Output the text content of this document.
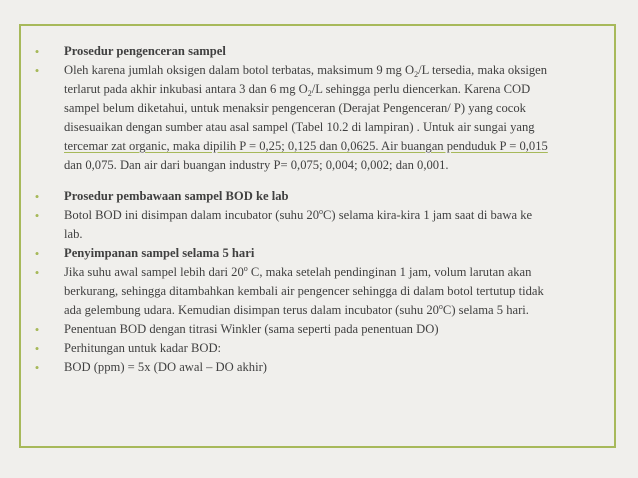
•	Prosedur pengenceran sampel
•	Oleh karena jumlah oksigen dalam botol terbatas, maksimum 9 mg $O_2/L$ tersedia, maka oksigen
terlarut pada akhir inkubasi antara 3 dan 6 mg $O_2/L$ sehingga perlu diencerkan. Karena COD
sampel belum diketahui, untuk menaksir pengenceran (Derajat Pengenceran/ P) yang cocok
disesuaikan dengan sumber atau asal sampel (Tabel 10.2 di lampiran) . Untuk air sungai yang
tercemar zat organic, maka dipilih P = 0,25; 0,125 dan 0,0625. Air buangan penduduk P = 0,015
dan 0,075. Dan air dari buangan industry P= 0,075; 0,004; 0,002; dan 0,001.
•	Prosedur pembawaan sampel BOD ke lab
•	Botol BOD ini disimpan dalam incubator (suhu 20$^o$C) selama kira-kira 1 jam saat di bawa ke
lab.
•	Penyimpanan sampel selama 5 hari
•	Jika suhu awal sampel lebih dari 20$^o$ C, maka setelah pendinginan 1 jam, volum larutan akan
berkurang, sehingga ditambahkan kembali air pengencer sehingga di dalam botol tertutup tidak
ada gelembung udara. Kemudian disimpan terus dalam incubator (suhu 20$^o$C) selama 5 hari.
•	Penentuan BOD dengan titrasi Winkler (sama seperti pada penentuan DO)
•	Perhitungan untuk kadar BOD:
•	BOD (ppm) = 5x (DO awal – DO akhir)
